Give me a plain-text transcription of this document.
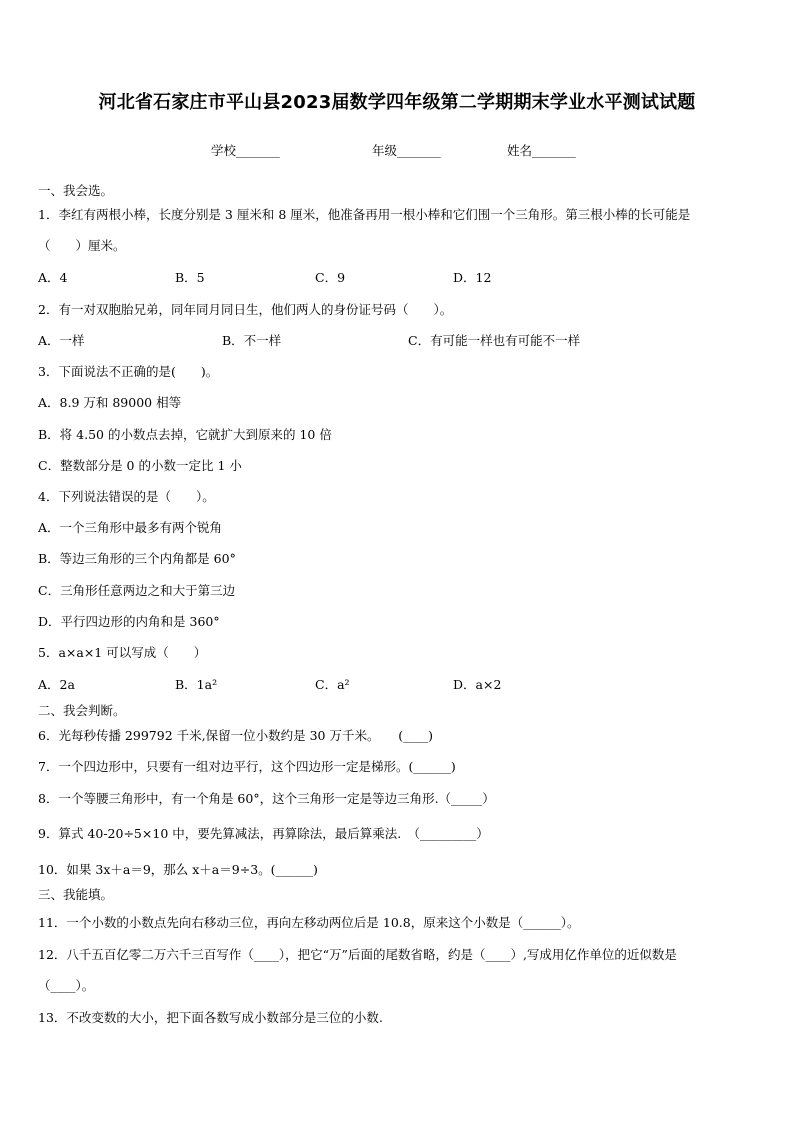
河北省石家庄市平山县2023届数学四年级第二学期期末学业水平测试试题
学校_______	年级_______	姓名_______
一、我会选。
1．李红有两根小棒，长度分别是 3 厘米和 8 厘米，他准备再用一根小棒和它们围一个三角形。第三根小棒的长可能是
（　　）厘米。
A．4	B．5	C．9	D．12
2．有一对双胞胎兄弟，同年同月同日生，他们两人的身份证号码（　　）。
A．一样	B．不一样	C．有可能一样也有可能不一样
3．下面说法不正确的是(　　)。
A．8.9 万和 89000 相等
B．将 4.50 的小数点去掉，它就扩大到原来的 10 倍
C．整数部分是 0 的小数一定比 1 小
4．下列说法错误的是（　　）。
A．一个三角形中最多有两个锐角
B．等边三角形的三个内角都是 60°
C．三角形任意两边之和大于第三边
D．平行四边形的内角和是 360°
5．a×a×1 可以写成（　　）
A．2a	B．1a²	C．a²	D．a×2
二、我会判断。
6．光每秒传播 299792 千米,保留一位小数约是 30 万千米。　　(____)
7．一个四边形中，只要有一组对边平行，这个四边形一定是梯形。(______)
8．一个等腰三角形中，有一个角是 60°，这个三角形一定是等边三角形.（_____）
9．算式 40-20÷5×10 中，要先算减法，再算除法，最后算乘法.　（_________）
10．如果 3x＋a＝9，那么 x＋a＝9÷3。(______)
三、我能填。
11．一个小数的小数点先向右移动三位，再向左移动两位后是 10.8，原来这个小数是（______）。
12．八千五百亿零二万六千三百写作（____），把它“万”后面的尾数省略，约是（____）,写成用亿作单位的近似数是
（____）。
13．不改变数的大小，把下面各数写成小数部分是三位的小数.
